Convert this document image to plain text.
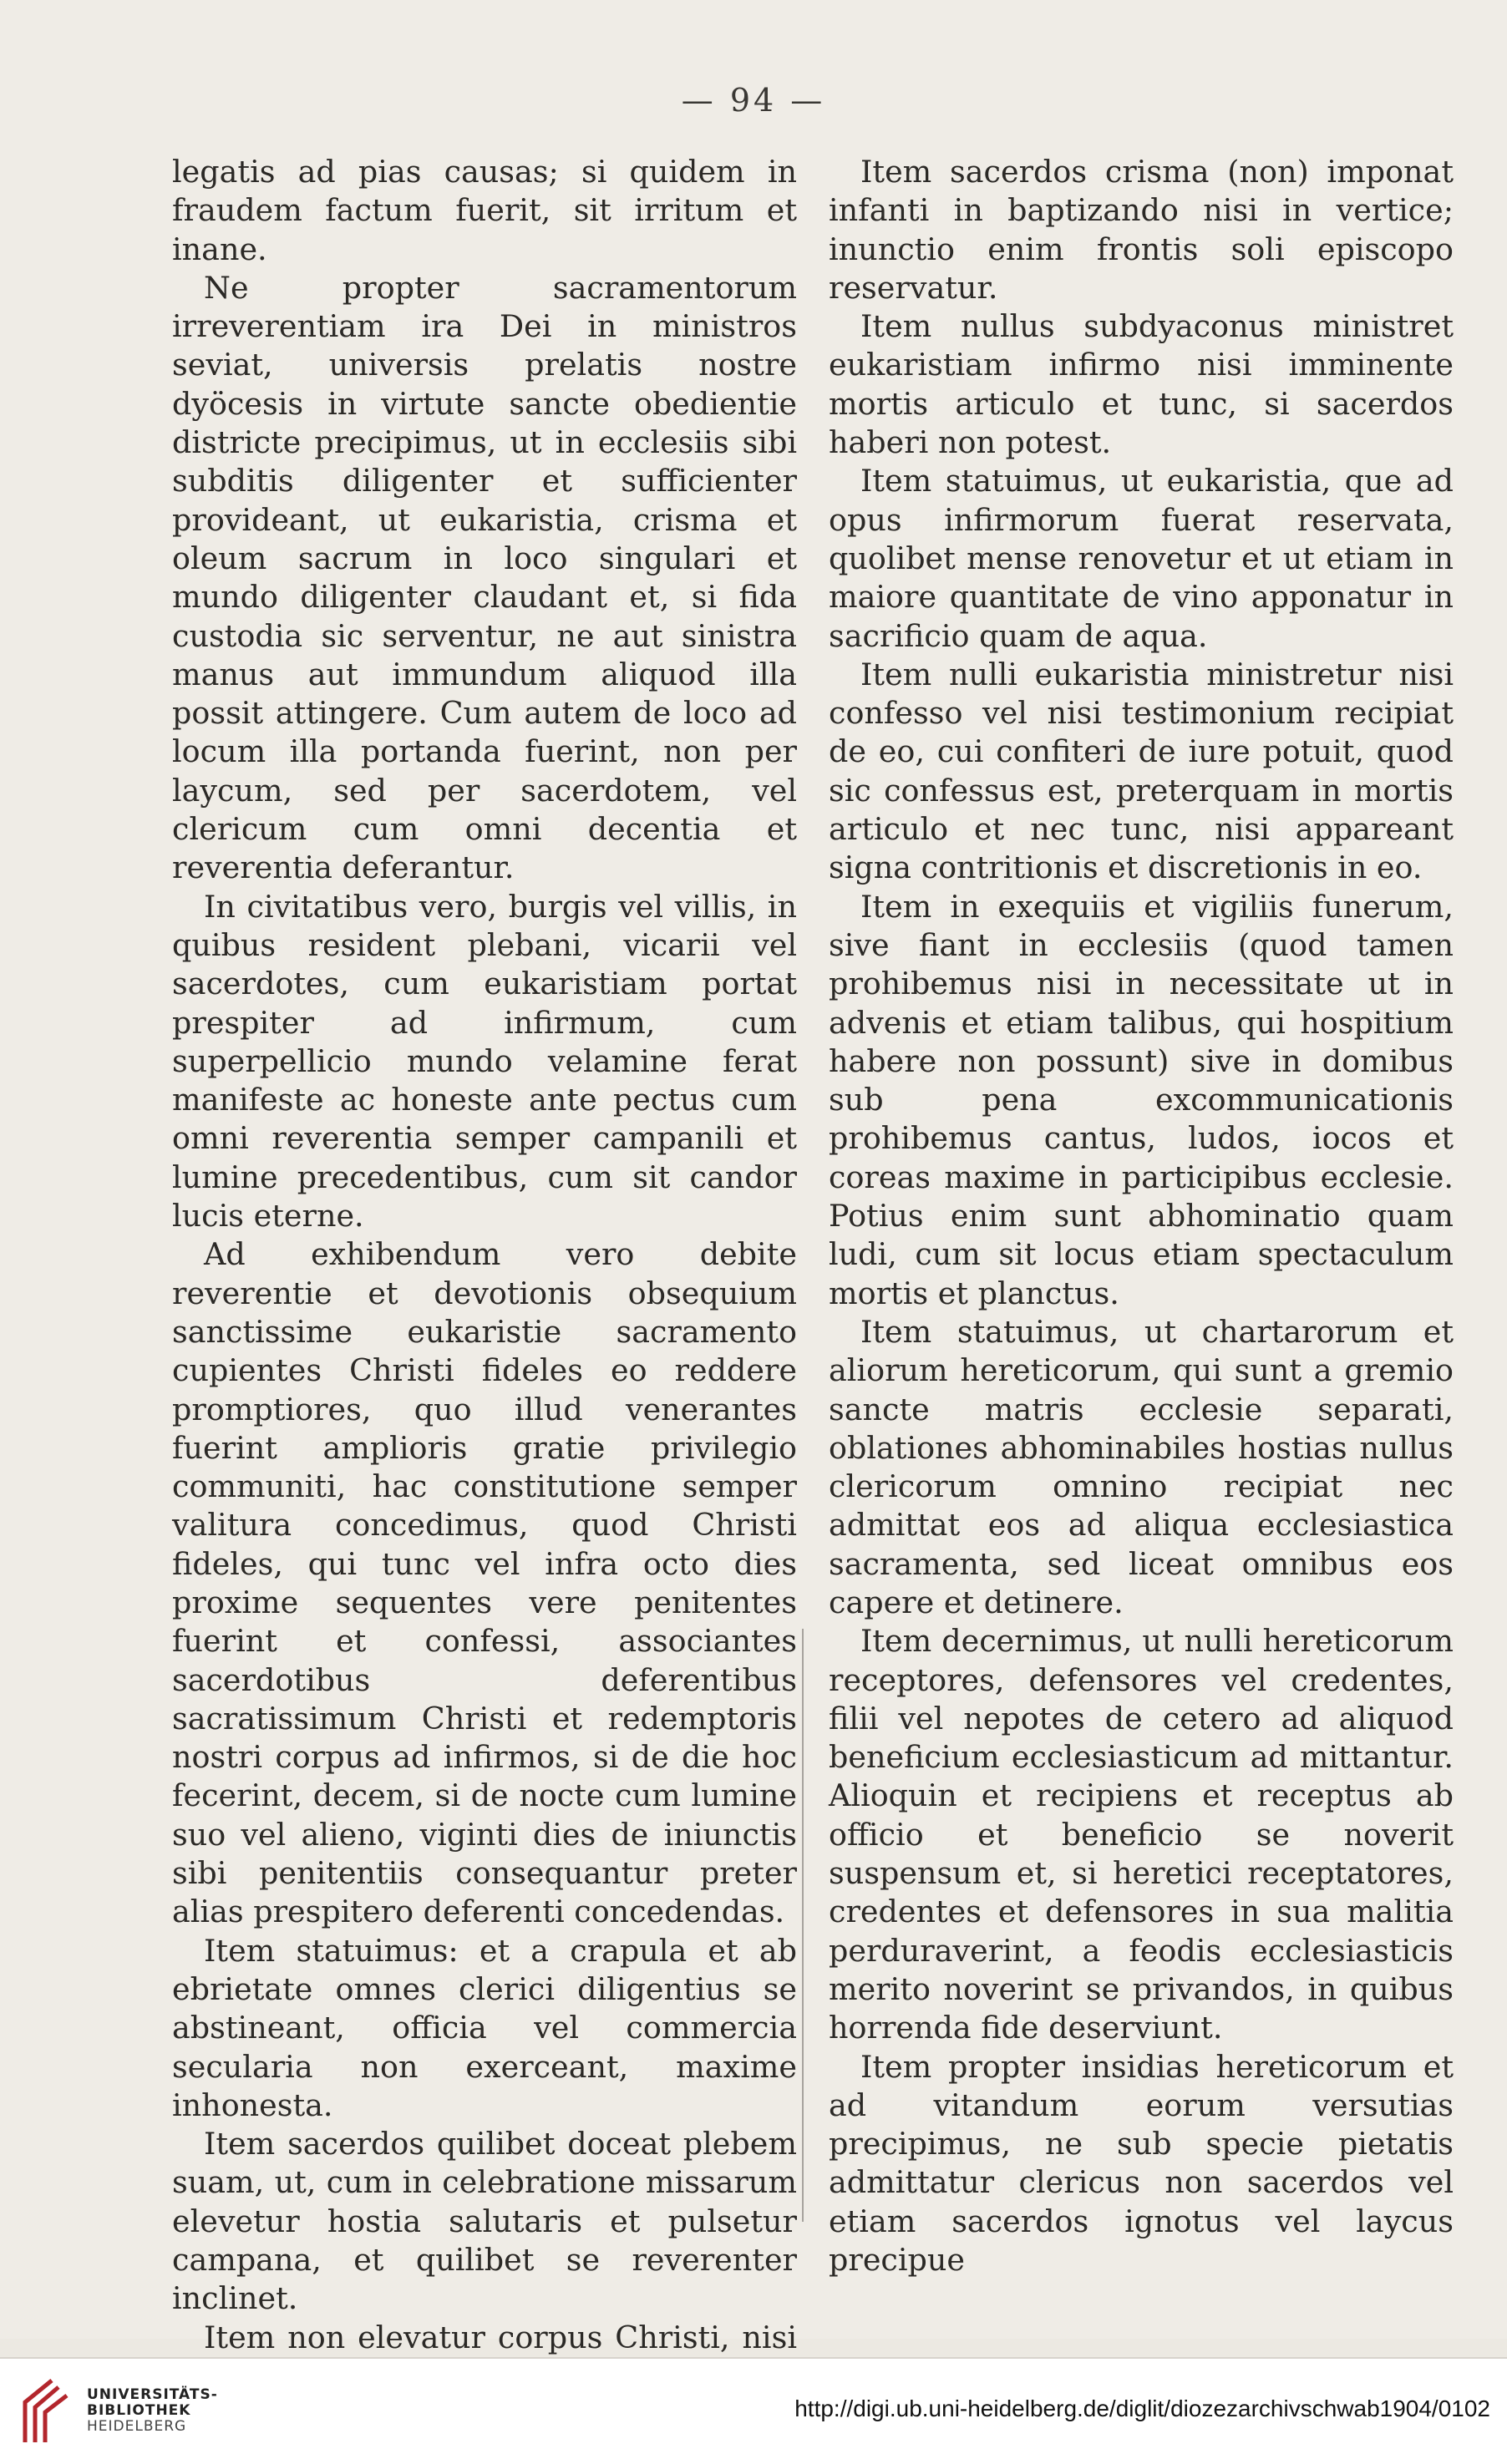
— 94 —

legatis ad pias causas; si quidem in fraudem factum fuerit, sit irritum et inane.

Ne propter sacramentorum irreverentiam ira Dei in ministros seviat, universis prelatis nostre dyöcesis in virtute sancte obedientie districte precipimus, ut in ecclesiis sibi subditis diligenter et sufficienter provideant, ut eukaristia, crisma et oleum sacrum in loco singulari et mundo diligenter claudant et, si fida custodia sic serventur, ne aut sinistra manus aut immundum aliquod illa possit attingere. Cum autem de loco ad locum illa portanda fuerint, non per laycum, sed per sacerdotem, vel clericum cum omni decentia et reverentia deferantur.

In civitatibus vero, burgis vel villis, in quibus resident plebani, vicarii vel sacerdotes, cum eukaristiam portat prespiter ad infirmum, cum superpellicio mundo velamine ferat manifeste ac honeste ante pectus cum omni reverentia semper campanili et lumine precedentibus, cum sit candor lucis eterne.

Ad exhibendum vero debite reverentie et devotionis obsequium sanctissime eukaristie sacramento cupientes Christi fideles eo reddere promptiores, quo illud venerantes fuerint amplioris gratie privilegio communiti, hac constitutione semper valitura concedimus, quod Christi fideles, qui tunc vel infra octo dies proxime sequentes vere penitentes fuerint et confessi, associantes sacerdotibus deferentibus sacratissimum Christi et redemptoris nostri corpus ad infirmos, si de die hoc fecerint, decem, si de nocte cum lumine suo vel alieno, viginti dies de iniunctis sibi penitentiis consequantur preter alias prespitero deferenti concedendas.

Item statuimus: et a crapula et ab ebrietate omnes clerici diligentius se abstineant, officia vel commercia secularia non exerceant, maxime inhonesta.

Item sacerdos quilibet doceat plebem suam, ut, cum in celebratione missarum elevetur hostia salutaris et pulsetur campana, et quilibet se reverenter inclinet.

Item non elevatur corpus Christi, nisi

Item sacerdos crisma (non) imponat infanti in baptizando nisi in vertice; inunctio enim frontis soli episcopo reservatur.

Item nullus subdyaconus ministret eukaristiam infirmo nisi imminente mortis articulo et tunc, si sacerdos haberi non potest.

Item statuimus, ut eukaristia, que ad opus infirmorum fuerat reservata, quolibet mense renovetur et ut etiam in maiore quantitate de vino apponatur in sacrificio quam de aqua.

Item nulli eukaristia ministretur nisi confesso vel nisi testimonium recipiat de eo, cui confiteri de iure potuit, quod sic confessus est, preterquam in mortis articulo et nec tunc, nisi appareant signa contritionis et discretionis in eo.

Item in exequiis et vigiliis funerum, sive fiant in ecclesiis (quod tamen prohibemus nisi in necessitate ut in advenis et etiam talibus, qui hospitium habere non possunt) sive in domibus sub pena excommunicationis prohibemus cantus, ludos, iocos et coreas maxime in participibus ecclesie. Potius enim sunt abhominatio quam ludi, cum sit locus etiam spectaculum mortis et planctus.

Item statuimus, ut chartarorum et aliorum hereticorum, qui sunt a gremio sancte matris ecclesie separati, oblationes abhominabiles hostias nullus clericorum omnino recipiat nec admittat eos ad aliqua ecclesiastica sacramenta, sed liceat omnibus eos capere et detinere.

Item decernimus, ut nulli hereticorum receptores, defensores vel credentes, filii vel nepotes de cetero ad aliquod beneficium ecclesiasticum ad mittantur. Alioquin et recipiens et receptus ab officio et beneficio se noverit suspensum et, si heretici receptatores, credentes et defensores in sua malitia perduraverint, a feodis ecclesiasticis merito noverint se privandos, in quibus horrenda fide deserviunt.

Item propter insidias hereticorum et ad vitandum eorum versutias precipimus, ne sub specie pietatis admittatur clericus non sacerdos vel etiam sacerdos ignotus vel laycus precipue

UNIVERSITÄTS-
BIBLIOTHEK
HEIDELBERG
http://digi.ub.uni-heidelberg.de/diglit/diozezarchivschwab1904/0102
